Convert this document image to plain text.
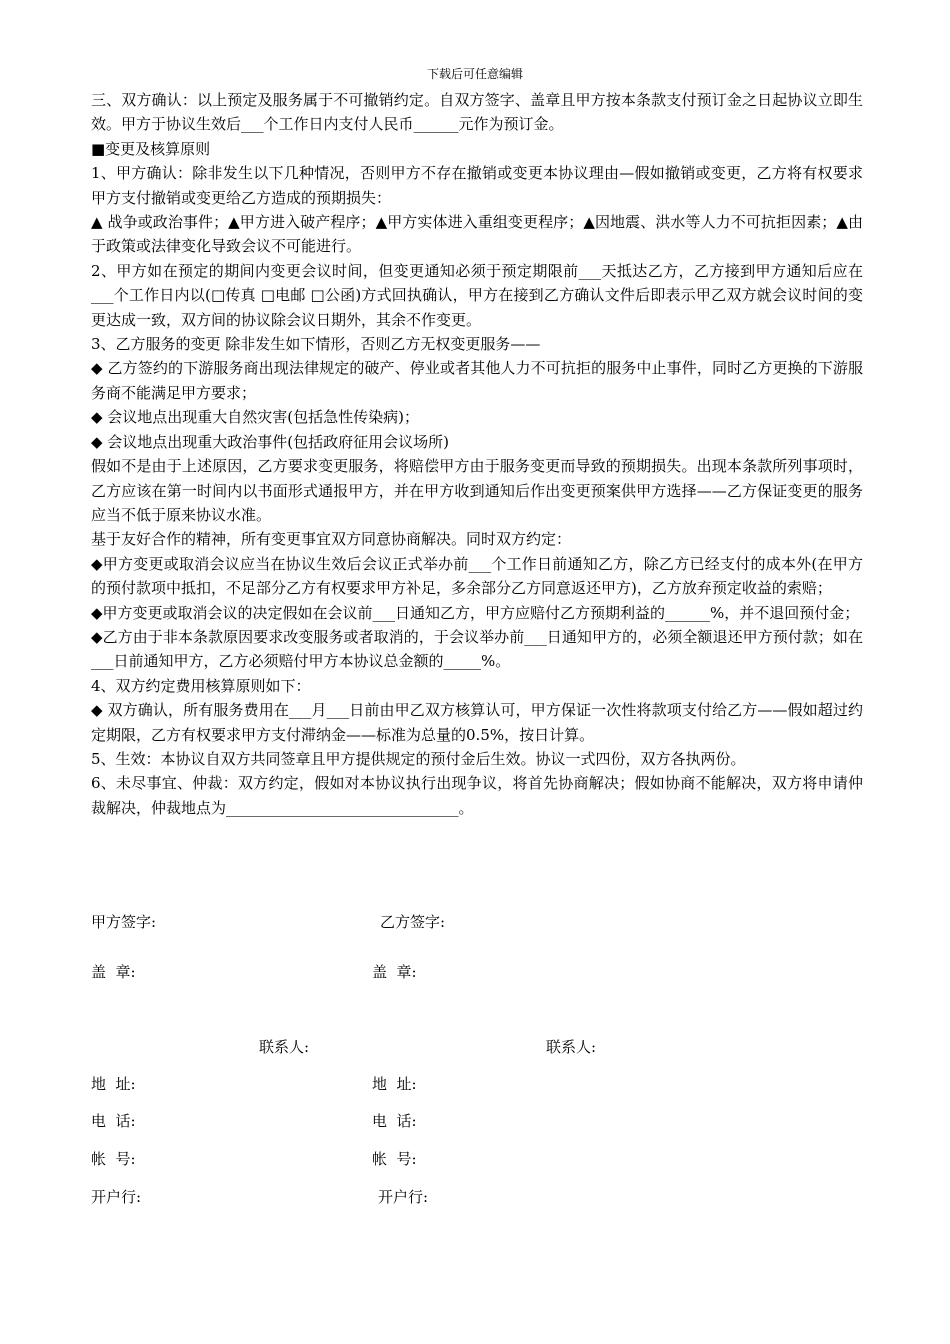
下载后可任意编辑

三、双方确认：以上预定及服务属于不可撤销约定。自双方签字、盖章且甲方按本条款支付预订金之日起协议立即生效。甲方于协议生效后___个工作日内支付人民币______元作为预订金。

■变更及核算原则

1、甲方确认：除非发生以下几种情况，否则甲方不存在撤销或变更本协议理由—假如撤销或变更，乙方将有权要求甲方支付撤销或变更给乙方造成的预期损失：

▲ 战争或政治事件；▲甲方进入破产程序；▲甲方实体进入重组变更程序；▲因地震、洪水等人力不可抗拒因素；▲由于政策或法律变化导致会议不可能进行。

2、甲方如在预定的期间内变更会议时间，但变更通知必须于预定期限前___天抵达乙方，乙方接到甲方通知后应在___个工作日内以(□传真 □电邮 □公函)方式回执确认，甲方在接到乙方确认文件后即表示甲乙双方就会议时间的变更达成一致，双方间的协议除会议日期外，其余不作变更。

3、乙方服务的变更 除非发生如下情形，否则乙方无权变更服务——

◆ 乙方签约的下游服务商出现法律规定的破产、停业或者其他人力不可抗拒的服务中止事件，同时乙方更换的下游服务商不能满足甲方要求；

◆ 会议地点出现重大自然灾害(包括急性传染病)；

◆ 会议地点出现重大政治事件(包括政府征用会议场所)

假如不是由于上述原因，乙方要求变更服务，将赔偿甲方由于服务变更而导致的预期损失。出现本条款所列事项时，乙方应该在第一时间内以书面形式通报甲方，并在甲方收到通知后作出变更预案供甲方选择——乙方保证变更的服务应当不低于原来协议水准。

基于友好合作的精神，所有变更事宜双方同意协商解决。同时双方约定：

◆甲方变更或取消会议应当在协议生效后会议正式举办前___个工作日前通知乙方，除乙方已经支付的成本外(在甲方的预付款项中抵扣，不足部分乙方有权要求甲方补足，多余部分乙方同意返还甲方)，乙方放弃预定收益的索赔；

◆甲方变更或取消会议的决定假如在会议前___日通知乙方，甲方应赔付乙方预期利益的______%，并不退回预付金；

◆乙方由于非本条款原因要求改变服务或者取消的，于会议举办前___日通知甲方的，必须全额退还甲方预付款；如在___日前通知甲方，乙方必须赔付甲方本协议总金额的_____%。

4、双方约定费用核算原则如下：

◆ 双方确认，所有服务费用在___月___日前由甲乙双方核算认可，甲方保证一次性将款项支付给乙方——假如超过约定期限，乙方有权要求甲方支付滞纳金——标准为总量的0.5%，按日计算。

5、生效：本协议自双方共同签章且甲方提供规定的预付金后生效。协议一式四份，双方各执两份。

6、未尽事宜、仲裁：双方约定，假如对本协议执行出现争议，将首先协商解决；假如协商不能解决，双方将申请仲裁解决，仲裁地点为_______________________________。

甲方签字:	乙方签字:
盖  章:	盖  章:
联系人:	联系人:
地  址:	地  址:
电  话:	电  话:
帐  号:	帐  号:
开户行:	开户行:
